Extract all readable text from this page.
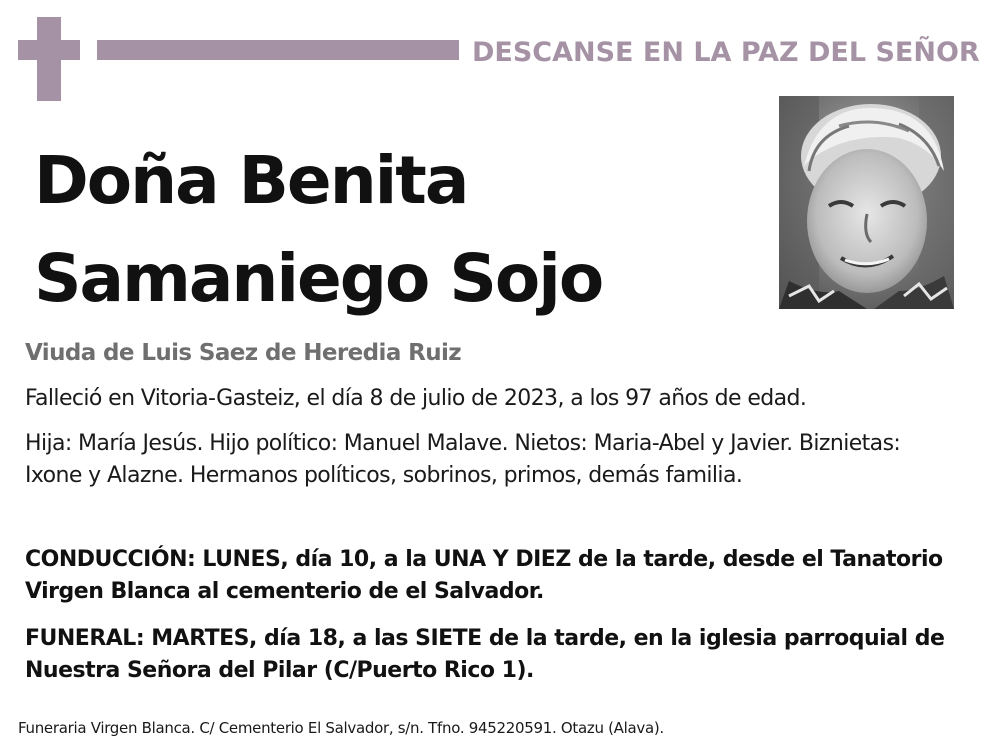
DESCANSE EN LA PAZ DEL SEÑOR
Doña Benita
Samaniego Sojo
Viuda de Luis Saez de Heredia Ruiz
Falleció en Vitoria-Gasteiz, el día 8 de julio de 2023, a los 97 años de edad.
Hija: María Jesús. Hijo político: Manuel Malave. Nietos: Maria-Abel y Javier. Biznietas: Ixone y Alazne. Hermanos políticos, sobrinos, primos, demás familia.
CONDUCCIÓN: LUNES, día 10, a la UNA Y DIEZ de la tarde, desde el Tanatorio Virgen Blanca al cementerio de el Salvador.
FUNERAL: MARTES, día 18, a las SIETE de la tarde, en la iglesia parroquial de Nuestra Señora del Pilar (C/Puerto Rico 1).
Funeraria Virgen Blanca. C/ Cementerio El Salvador, s/n. Tfno. 945220591. Otazu (Alava).
